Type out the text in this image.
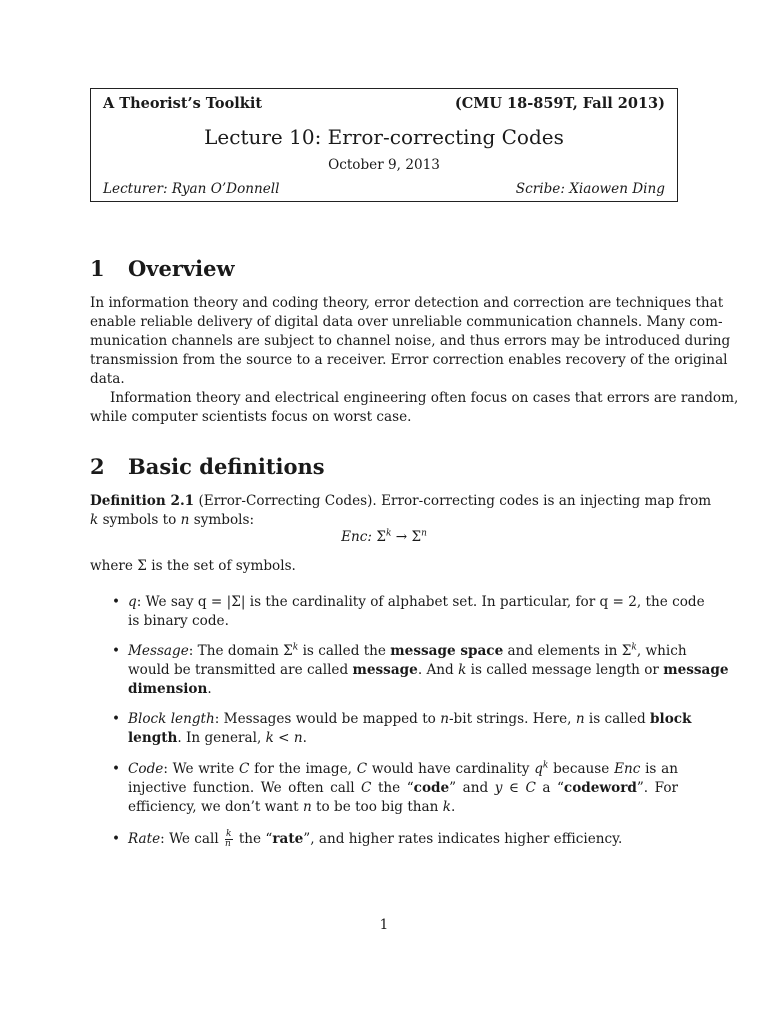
A Theorist’s Toolkit	(CMU 18-859T, Fall 2013)
Lecture 10: Error-correcting Codes
October 9, 2013
Lecturer: Ryan O’Donnell	Scribe: Xiaowen Ding
1 Overview
In information theory and coding theory, error detection and correction are techniques that
enable reliable delivery of digital data over unreliable communication channels. Many com-
munication channels are subject to channel noise, and thus errors may be introduced during
transmission from the source to a receiver. Error correction enables recovery of the original
data.
Information theory and electrical engineering often focus on cases that errors are random,
while computer scientists focus on worst case.
2 Basic definitions
Definition 2.1 (Error-Correcting Codes). Error-correcting codes is an injecting map from
k symbols to n symbols:
Enc: $\Sigma^k \to \Sigma^n$
where Σ is the set of symbols.
• q: We say q = |Σ| is the cardinality of alphabet set. In particular, for q = 2, the code
is binary code.
• Message: The domain $\Sigma^k$ is called the message space and elements in $\Sigma^k$, which
would be transmitted are called message. And k is called message length or message
dimension.
• Block length: Messages would be mapped to n-bit strings. Here, n is called block
length. In general, k < n.
• Code: We write C for the image, C would have cardinality $q^k$ because Enc is an
injective function. We often call C the “code” and y ∈ C a “codeword”. For
efficiency, we don’t want n to be too big than k.
• Rate: We call $\frac{k}{n}$ the “rate”, and higher rates indicates higher efficiency.
1
